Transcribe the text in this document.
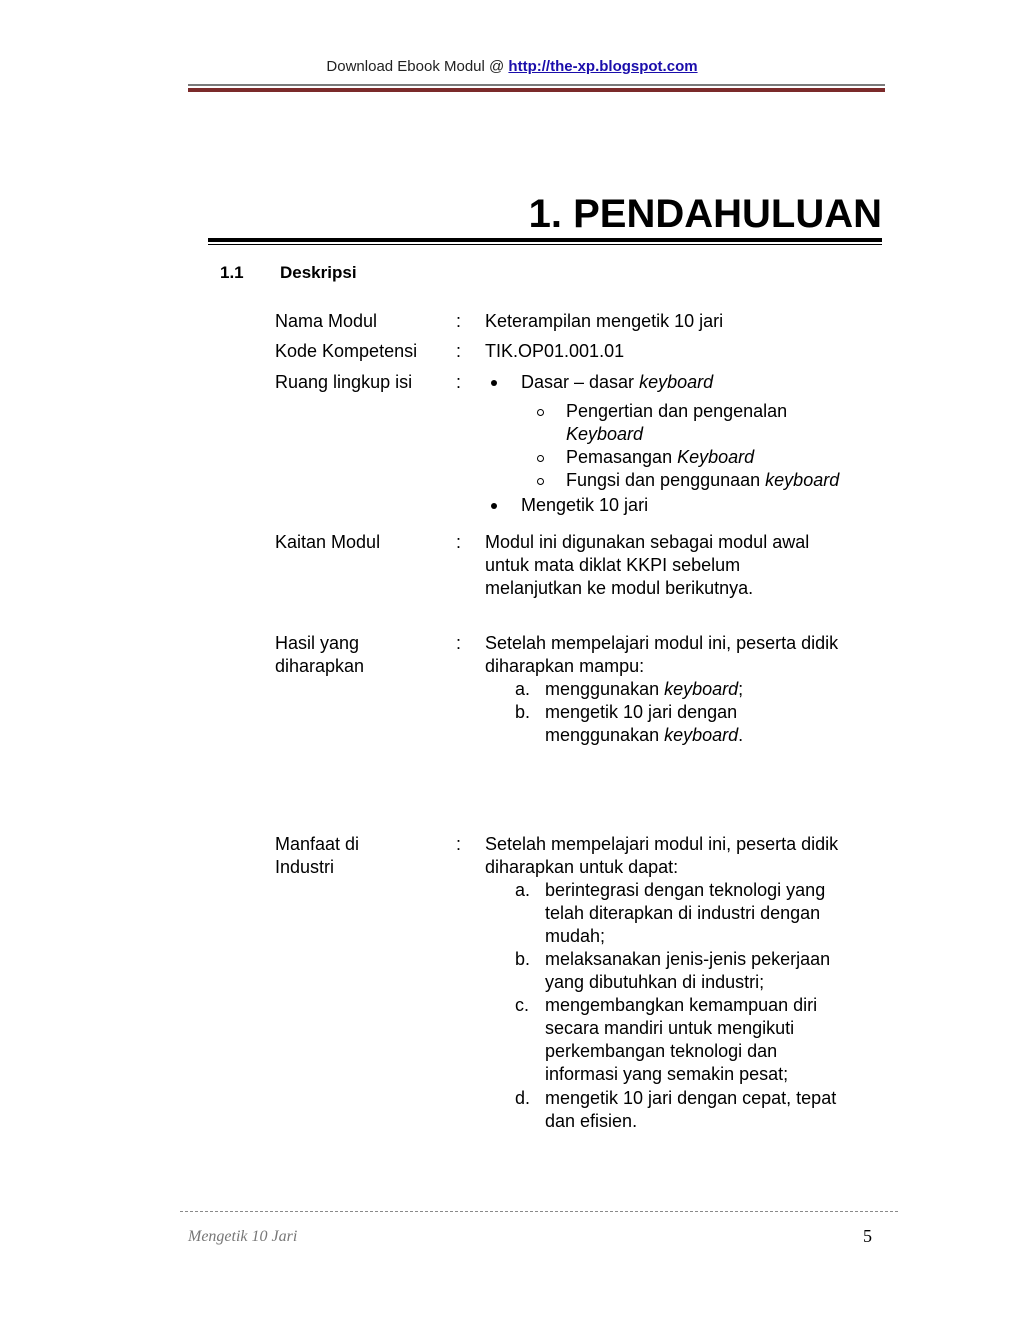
Download Ebook Modul @ http://the-xp.blogspot.com
1. PENDAHULUAN
1.1 Deskripsi
Nama Modul	: Keterampilan mengetik 10 jari
Kode Kompetensi : TIK.OP01.001.01
Ruang lingkup isi :	Dasar – dasar keyboard
Pengertian dan pengenalan
Keyboard
Pemasangan Keyboard
Fungsi dan penggunaan keyboard
Mengetik 10 jari
Kaitan Modul	: Modul ini digunakan sebagai modul awal
untuk mata diklat KKPI sebelum
melanjutkan ke modul berikutnya.
Hasil yang
diharapkan
: Setelah mempelajari modul ini, peserta didik
diharapkan mampu:
a. menggunakan keyboard;
b. mengetik 10 jari dengan
menggunakan keyboard.
Manfaat di
Industri
: Setelah mempelajari modul ini, peserta didik
diharapkan untuk dapat:
a. berintegrasi dengan teknologi yang
telah diterapkan di industri dengan
mudah;
b. melaksanakan jenis-jenis pekerjaan
yang dibutuhkan di industri;
c. mengembangkan kemampuan diri
secara mandiri untuk mengikuti
perkembangan teknologi dan
informasi yang semakin pesat;
d. mengetik 10 jari dengan cepat, tepat
dan efisien.
Mengetik 10 Jari	5
